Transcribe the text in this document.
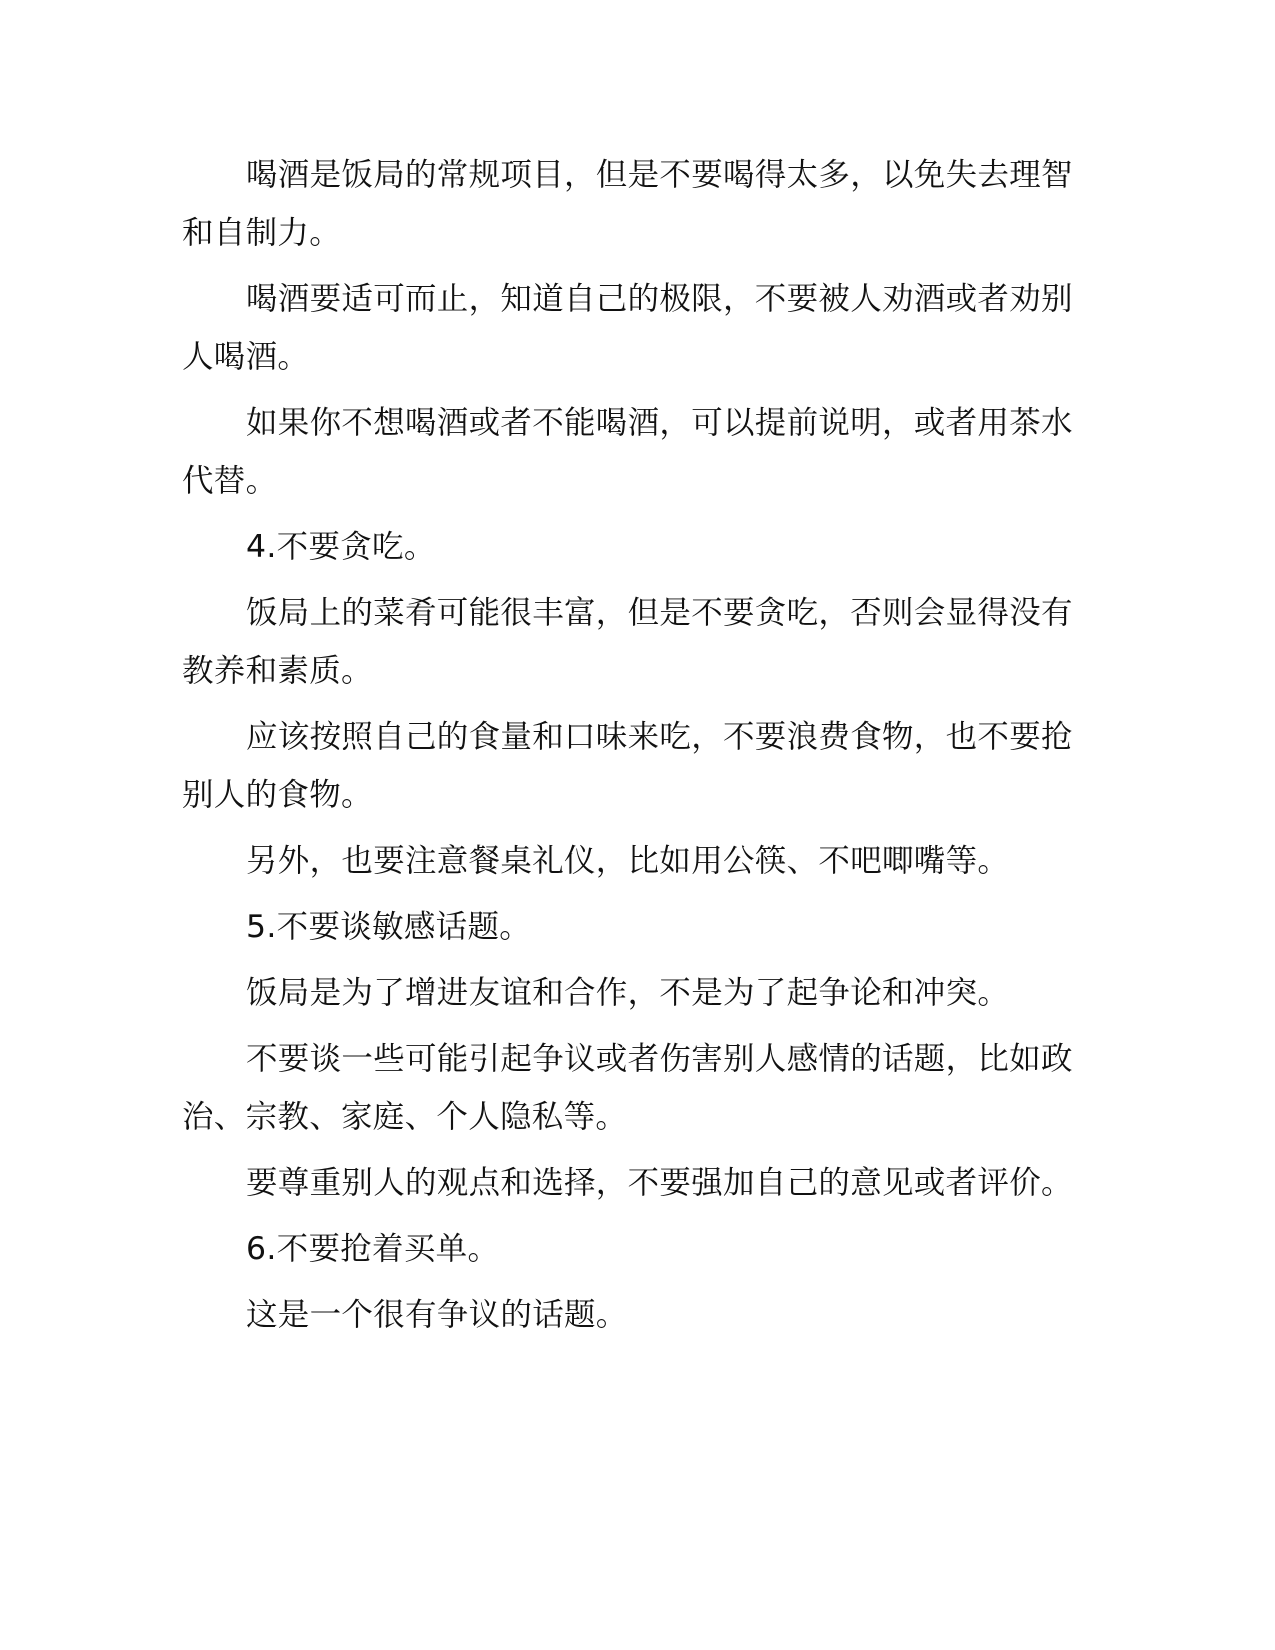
喝酒是饭局的常规项目，但是不要喝得太多，以免失去理智和自制力。

喝酒要适可而止，知道自己的极限，不要被人劝酒或者劝别人喝酒。

如果你不想喝酒或者不能喝酒，可以提前说明，或者用茶水代替。

4.不要贪吃。

饭局上的菜肴可能很丰富，但是不要贪吃，否则会显得没有教养和素质。

应该按照自己的食量和口味来吃，不要浪费食物，也不要抢别人的食物。

另外，也要注意餐桌礼仪，比如用公筷、不吧唧嘴等。

5.不要谈敏感话题。

饭局是为了增进友谊和合作，不是为了起争论和冲突。

不要谈一些可能引起争议或者伤害别人感情的话题，比如政治、宗教、家庭、个人隐私等。

要尊重别人的观点和选择，不要强加自己的意见或者评价。

6.不要抢着买单。

这是一个很有争议的话题。
